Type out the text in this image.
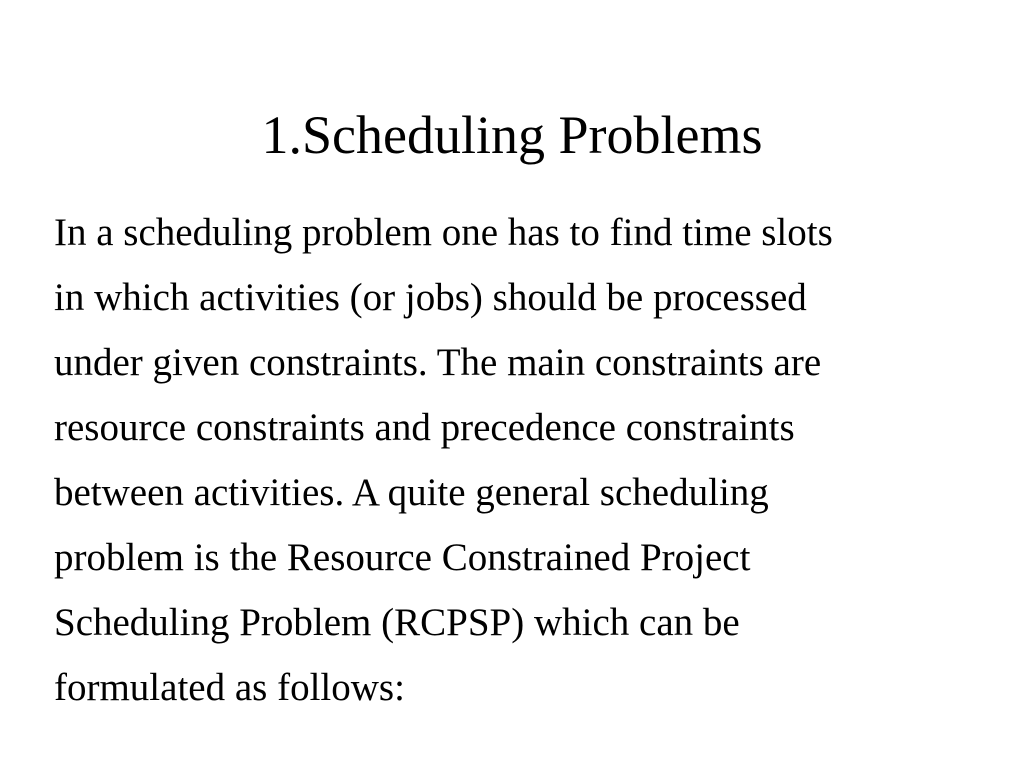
1.Scheduling Problems
In a scheduling problem one has to find time slots
in which activities (or jobs) should be processed
under given constraints. The main constraints are
resource constraints and precedence constraints
between activities. A quite general scheduling
problem is the Resource Constrained Project
Scheduling Problem (RCPSP) which can be
formulated as follows:
